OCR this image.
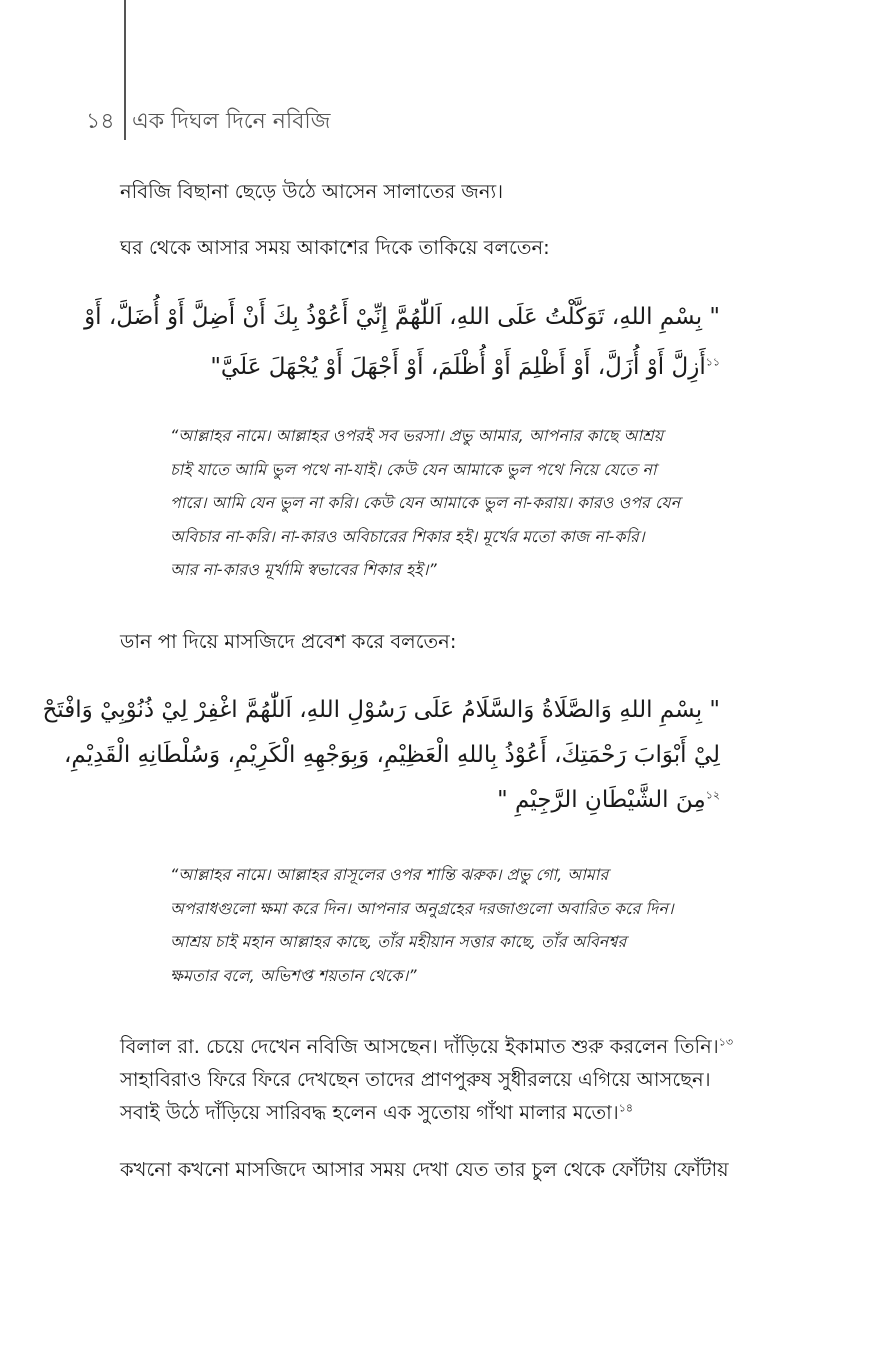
১৪ এক দিঘল দিনে নবিজি
নবিজি বিছানা ছেড়ে উঠে আসেন সালাতের জন্য।
ঘর থেকে আসার সময় আকাশের দিকে তাকিয়ে বলতেন:
" بِسْمِ اللهِ، تَوَكَّلْتُ عَلَى اللهِ، اَللّٰهُمَّ إِنِّيْ أَعُوْذُ بِكَ أَنْ أَضِلَّ أَوْ أُضَلَّ، أَوْ
$^{১১}$أَزِلَّ أَوْ أُزَلَّ، أَوْ أَظْلِمَ أَوْ أُظْلَمَ، أَوْ أَجْهَلَ أَوْ يُجْهَلَ عَلَيَّ"
“আল্লাহর নামে। আল্লাহর ওপরই সব ভরসা। প্রভু আমার, আপনার কাছে আশ্রয়
চাই যাতে আমি ভুল পথে না-যাই। কেউ যেন আমাকে ভুল পথে নিয়ে যেতে না
পারে। আমি যেন ভুল না করি। কেউ যেন আমাকে ভুল না-করায়। কারও ওপর যেন
অবিচার না-করি। না-কারও অবিচারের শিকার হই। মূর্খের মতো কাজ না-করি।
আর না-কারও মূর্খামি স্বভাবের শিকার হই।”
ডান পা দিয়ে মাসজিদে প্রবেশ করে বলতেন:
" بِسْمِ اللهِ وَالصَّلَاةُ وَالسَّلَامُ عَلَى رَسُوْلِ اللهِ، اَللّٰهُمَّ اغْفِرْ لِيْ ذُنُوْبِيْ وَافْتَحْ
لِيْ أَبْوَابَ رَحْمَتِكَ، أَعُوْذُ بِاللهِ الْعَظِيْمِ، وَبِوَجْهِهِ الْكَرِيْمِ، وَسُلْطَانِهِ الْقَدِيْمِ،
$^{১২}$مِنَ الشَّيْطَانِ الرَّجِيْمِ "
“আল্লাহর নামে। আল্লাহর রাসূলের ওপর শান্তি ঝরুক। প্রভু গো, আমার
অপরাধগুলো ক্ষমা করে দিন। আপনার অনুগ্রহের দরজাগুলো অবারিত করে দিন।
আশ্রয় চাই মহান আল্লাহর কাছে, তাঁর মহীয়ান সত্তার কাছে, তাঁর অবিনশ্বর
ক্ষমতার বলে, অভিশপ্ত শয়তান থেকে।”
বিলাল রা. চেয়ে দেখেন নবিজি আসছেন। দাঁড়িয়ে ইকামাত শুরু করলেন তিনি।$^{১৩}$
সাহাবিরাও ফিরে ফিরে দেখছেন তাদের প্রাণপুরুষ সুধীরলয়ে এগিয়ে আসছেন।
সবাই উঠে দাঁড়িয়ে সারিবদ্ধ হলেন এক সুতোয় গাঁথা মালার মতো।$^{১৪}$
কখনো কখনো মাসজিদে আসার সময় দেখা যেত তার চুল থেকে ফোঁটায় ফোঁটায়
